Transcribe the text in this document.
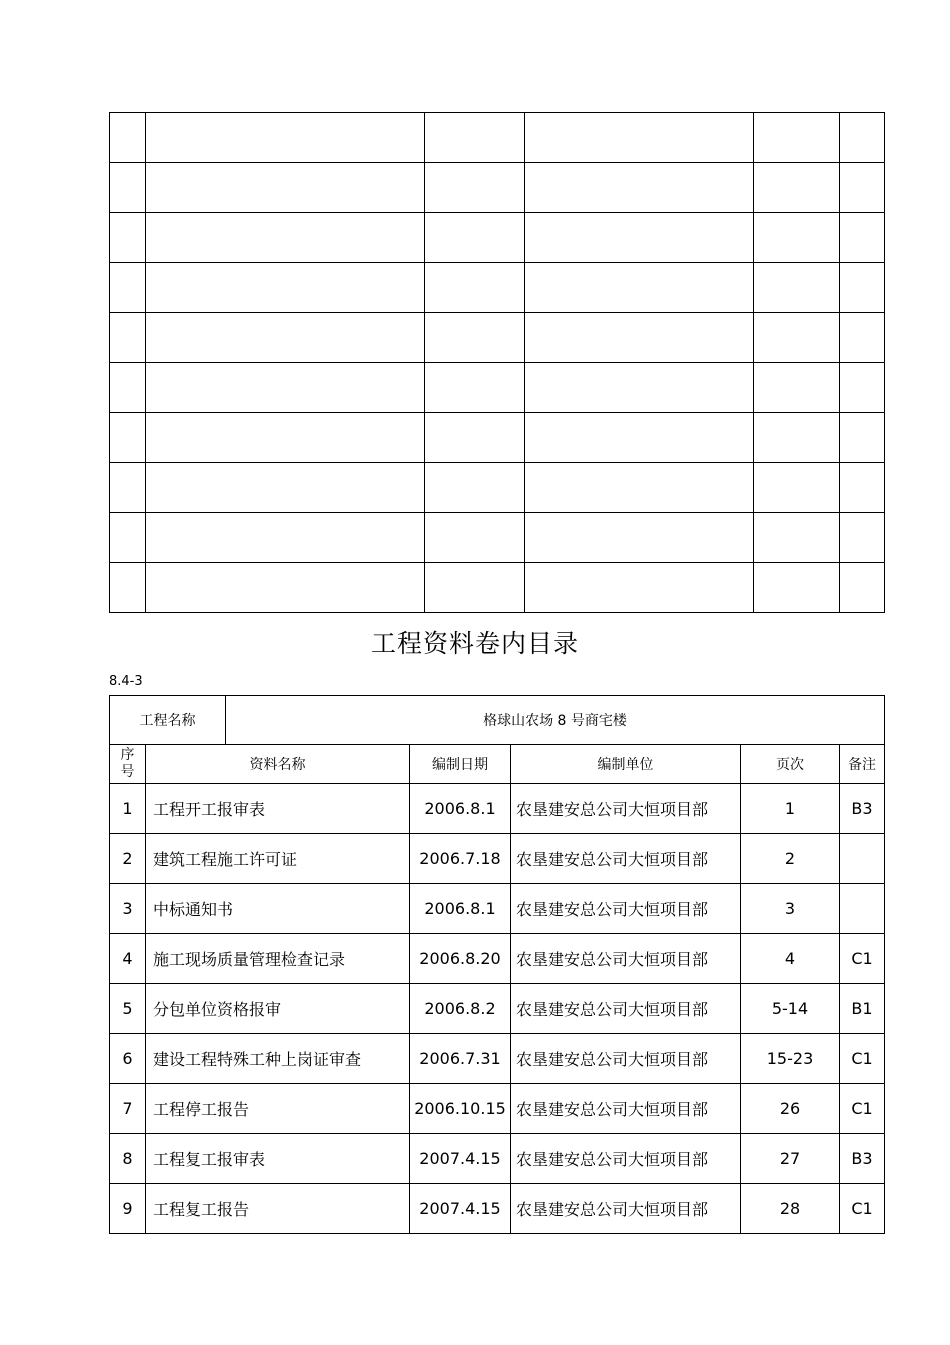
工程资料卷内目录
8.4-3
工程名称	格球山农场 8 号商宅楼
序
号	资料名称	编制日期	编制单位	页次	备注
1	工程开工报审表	2006.8.1	农垦建安总公司大恒项目部	1	B3
2	建筑工程施工许可证	2006.7.18	农垦建安总公司大恒项目部	2	
3	中标通知书	2006.8.1	农垦建安总公司大恒项目部	3	
4	施工现场质量管理检查记录	2006.8.20	农垦建安总公司大恒项目部	4	C1
5	分包单位资格报审	2006.8.2	农垦建安总公司大恒项目部	5-14	B1
6	建设工程特殊工种上岗证审查	2006.7.31	农垦建安总公司大恒项目部	15-23	C1
7	工程停工报告	2006.10.15	农垦建安总公司大恒项目部	26	C1
8	工程复工报审表	2007.4.15	农垦建安总公司大恒项目部	27	B3
9	工程复工报告	2007.4.15	农垦建安总公司大恒项目部	28	C1
